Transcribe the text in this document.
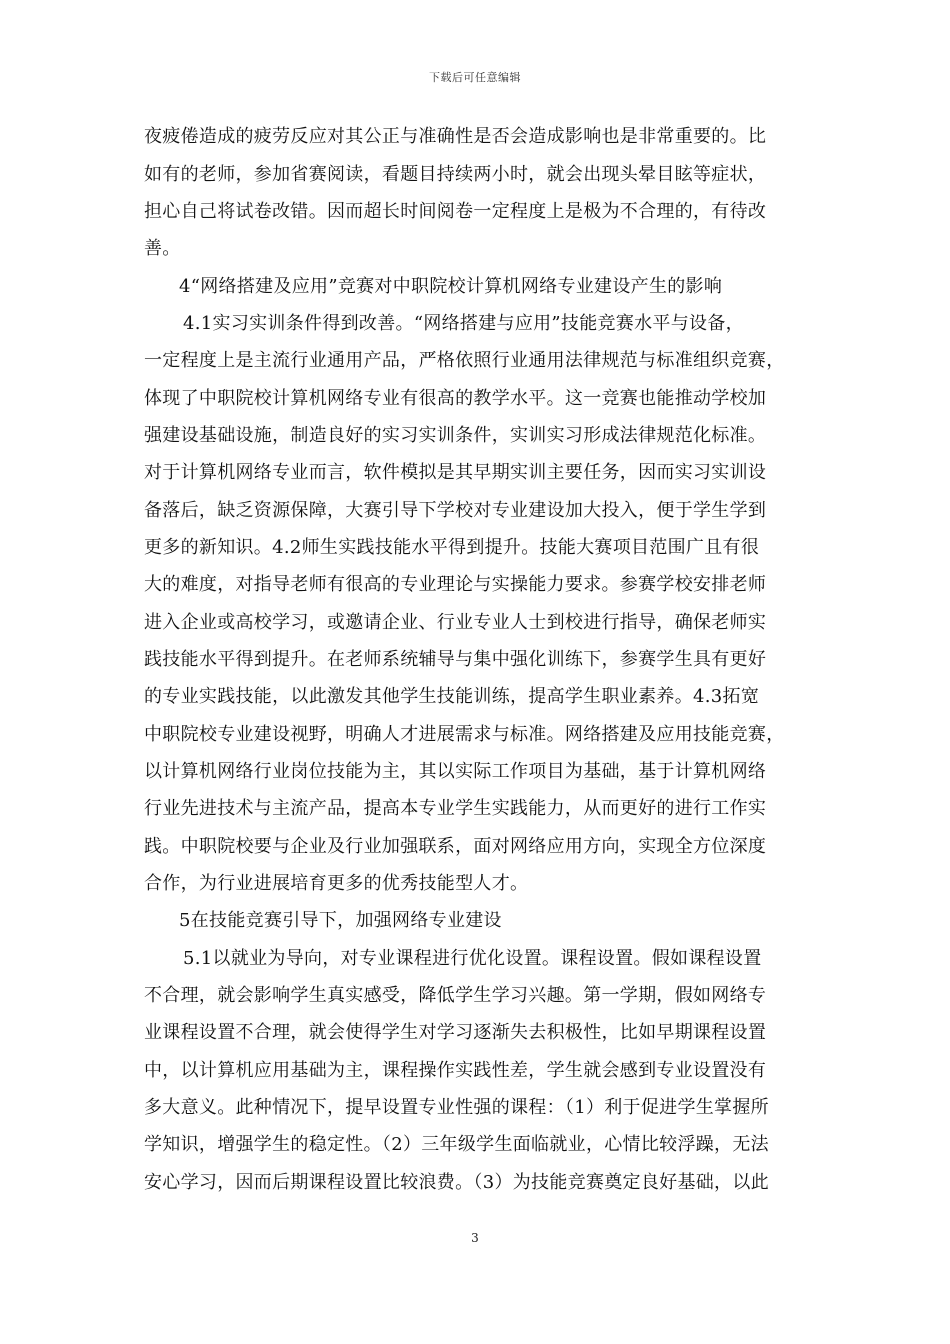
下载后可任意编辑
夜疲倦造成的疲劳反应对其公正与准确性是否会造成影响也是非常重要的。比
如有的老师，参加省赛阅读，看题目持续两小时，就会出现头晕目眩等症状，
担心自己将试卷改错。因而超长时间阅卷一定程度上是极为不合理的，有待改
善。
4“网络搭建及应用”竞赛对中职院校计算机网络专业建设产生的影响
4.1实习实训条件得到改善。“网络搭建与应用”技能竞赛水平与设备，
一定程度上是主流行业通用产品，严格依照行业通用法律规范与标准组织竞赛，
体现了中职院校计算机网络专业有很高的教学水平。这一竞赛也能推动学校加
强建设基础设施，制造良好的实习实训条件，实训实习形成法律规范化标准。
对于计算机网络专业而言，软件模拟是其早期实训主要任务，因而实习实训设
备落后，缺乏资源保障，大赛引导下学校对专业建设加大投入，便于学生学到
更多的新知识。4.2师生实践技能水平得到提升。技能大赛项目范围广且有很
大的难度，对指导老师有很高的专业理论与实操能力要求。参赛学校安排老师
进入企业或高校学习，或邀请企业、行业专业人士到校进行指导，确保老师实
践技能水平得到提升。在老师系统辅导与集中强化训练下，参赛学生具有更好
的专业实践技能，以此激发其他学生技能训练，提高学生职业素养。4.3拓宽
中职院校专业建设视野，明确人才进展需求与标准。网络搭建及应用技能竞赛，
以计算机网络行业岗位技能为主，其以实际工作项目为基础，基于计算机网络
行业先进技术与主流产品，提高本专业学生实践能力，从而更好的进行工作实
践。中职院校要与企业及行业加强联系，面对网络应用方向，实现全方位深度
合作，为行业进展培育更多的优秀技能型人才。
5在技能竞赛引导下，加强网络专业建设
5.1以就业为导向，对专业课程进行优化设置。课程设置。假如课程设置
不合理，就会影响学生真实感受，降低学生学习兴趣。第一学期，假如网络专
业课程设置不合理，就会使得学生对学习逐渐失去积极性，比如早期课程设置
中，以计算机应用基础为主，课程操作实践性差，学生就会感到专业设置没有
多大意义。此种情况下，提早设置专业性强的课程：（1）利于促进学生掌握所
学知识，增强学生的稳定性。（2）三年级学生面临就业，心情比较浮躁，无法
安心学习，因而后期课程设置比较浪费。（3）为技能竞赛奠定良好基础，以此
3
